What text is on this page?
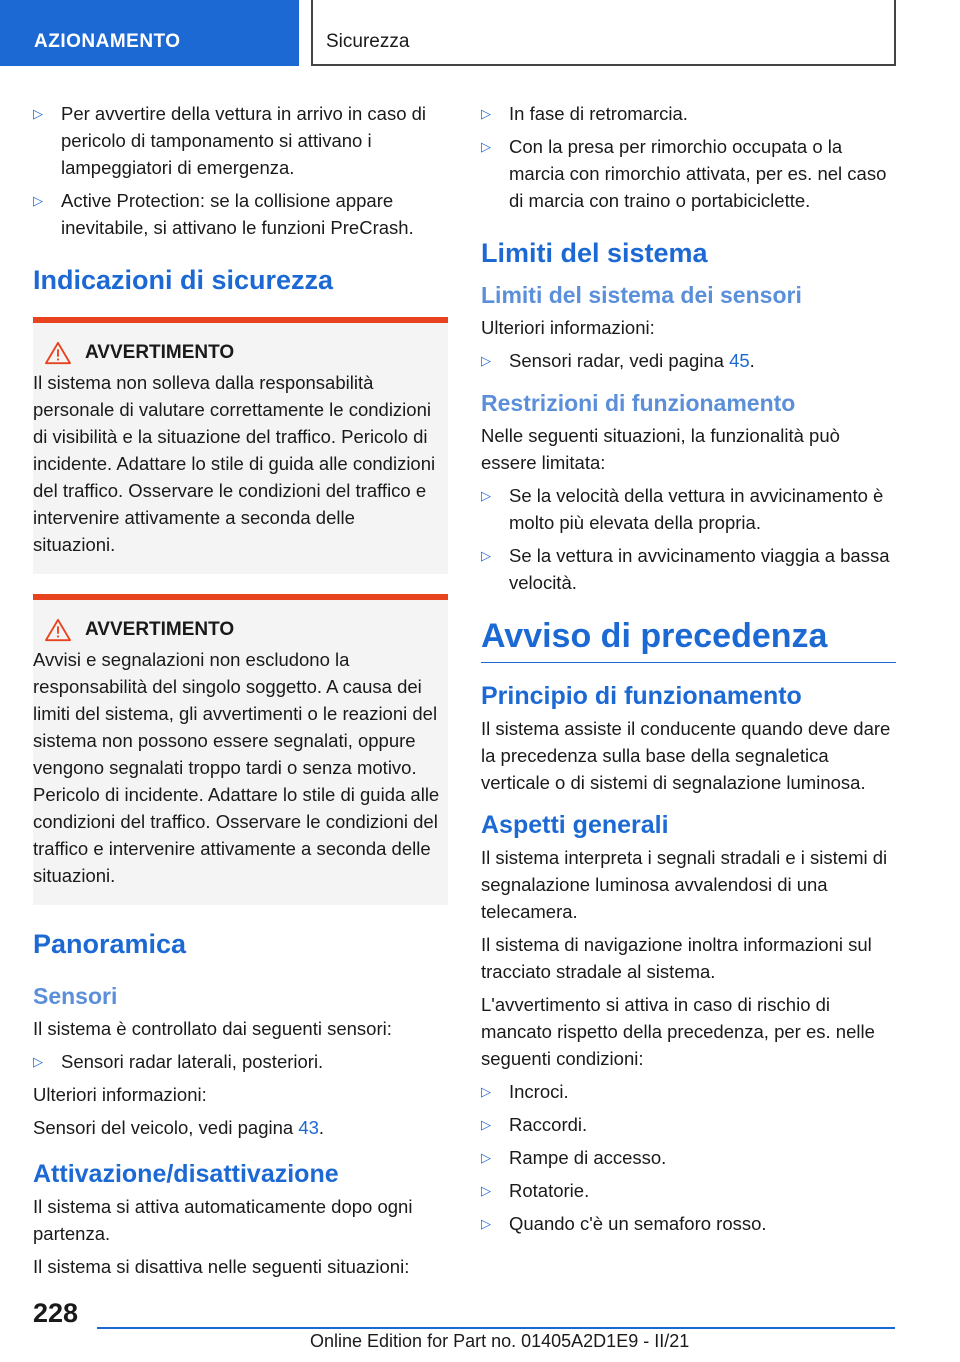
AZIONAMENTO	Sicurezza
▷ Per avvertire della vettura in arrivo in caso di pericolo di tamponamento si attivano i lampeggiatori di emergenza.
▷ Active Protection: se la collisione appare inevitabile, si attivano le funzioni PreCrash.
Indicazioni di sicurezza
AVVERTIMENTO

Il sistema non solleva dalla responsabilità personale di valutare correttamente le condizioni di visibilità e la situazione del traffico. Pericolo di incidente. Adattare lo stile di guida alle condizioni del traffico. Osservare le condizioni del traffico e intervenire attivamente a seconda delle situazioni.

AVVERTIMENTO

Avvisi e segnalazioni non escludono la responsabilità del singolo soggetto. A causa dei limiti del sistema, gli avvertimenti o le reazioni del sistema non possono essere segnalati, oppure vengono segnalati troppo tardi o senza motivo. Pericolo di incidente. Adattare lo stile di guida alle condizioni del traffico. Osservare le condizioni del traffico e intervenire attivamente a seconda delle situazioni.

Panoramica
Sensori

Il sistema è controllato dai seguenti sensori:

▷ Sensori radar laterali, posteriori.

Ulteriori informazioni:

Sensori del veicolo, vedi pagina 43.

Attivazione/disattivazione

Il sistema si attiva automaticamente dopo ogni partenza.

Il sistema si disattiva nelle seguenti situazioni:

▷ In fase di retromarcia.
▷ Con la presa per rimorchio occupata o la marcia con rimorchio attivata, per es. nel caso di marcia con traino o portabiciclette.
Limiti del sistema
Limiti del sistema dei sensori

Ulteriori informazioni:

▷ Sensori radar, vedi pagina 45.
Restrizioni di funzionamento

Nelle seguenti situazioni, la funzionalità può essere limitata:

▷ Se la velocità della vettura in avvicinamento è molto più elevata della propria.
▷ Se la vettura in avvicinamento viaggia a bassa velocità.
Avviso di precedenza
Principio di funzionamento

Il sistema assiste il conducente quando deve dare la precedenza sulla base della segnaletica verticale o di sistemi di segnalazione luminosa.

Aspetti generali

Il sistema interpreta i segnali stradali e i sistemi di segnalazione luminosa avvalendosi di una telecamera.

Il sistema di navigazione inoltra informazioni sul tracciato stradale al sistema.

L'avvertimento si attiva in caso di rischio di mancato rispetto della precedenza, per es. nelle seguenti condizioni:

▷ Incroci.
▷ Raccordi.
▷ Rampe di accesso.
▷ Rotatorie.
▷ Quando c'è un semaforo rosso.
228
Online Edition for Part no. 01405A2D1E9 - II/21
